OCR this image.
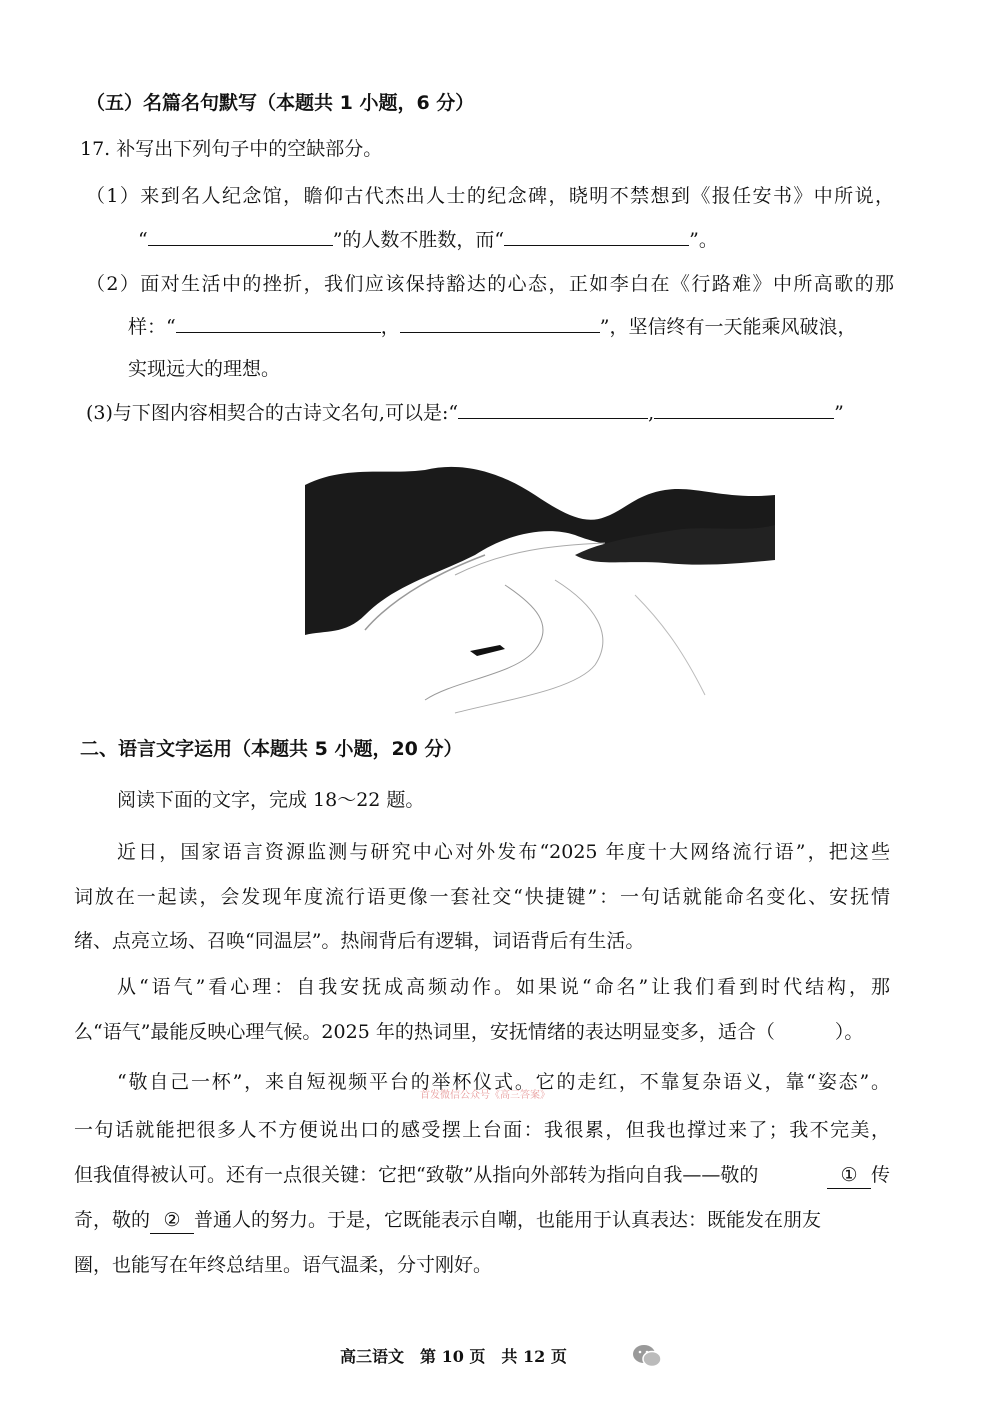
（五）名篇名句默写（本题共 1 小题，6 分）
17. 补写出下列句子中的空缺部分。
（1）来到名人纪念馆，瞻仰古代杰出人士的纪念碑，晓明不禁想到《报任安书》中所说，
“	”的人数不胜数，而“	”。
（2）面对生活中的挫折，我们应该保持豁达的心态，正如李白在《行路难》中所高歌的那
样：“	，	”，坚信终有一天能乘风破浪，
实现远大的理想。
(3)与下图内容相契合的古诗文名句,可以是:“	,	”
二、语言文字运用（本题共 5 小题，20 分）
阅读下面的文字，完成 18～22 题。
近日，国家语言资源监测与研究中心对外发布“2025 年度十大网络流行语”，把这些
词放在一起读，会发现年度流行语更像一套社交“快捷键”：一句话就能命名变化、安抚情
绪、点亮立场、召唤“同温层”。热闹背后有逻辑，词语背后有生活。
从“语气”看心理：自我安抚成高频动作。如果说“命名”让我们看到时代结构，那
么“语气”最能反映心理气候。2025 年的热词里，安抚情绪的表达明显变多，适合（	）。
“敬自己一杯”，来自短视频平台的举杯仪式。它的走红，不靠复杂语义，靠“姿态”。
首发微信公众号《高三答案》
一句话就能把很多人不方便说出口的感受摆上台面：我很累，但我也撑过来了；我不完美，
但我值得被认可。还有一点很关键：它把“致敬”从指向外部转为指向自我——敬的	① 传
奇，敬的 ② 普通人的努力。于是，它既能表示自嘲，也能用于认真表达：既能发在朋友
圈，也能写在年终总结里。语气温柔，分寸刚好。
高三语文　第 10 页　共 12 页
